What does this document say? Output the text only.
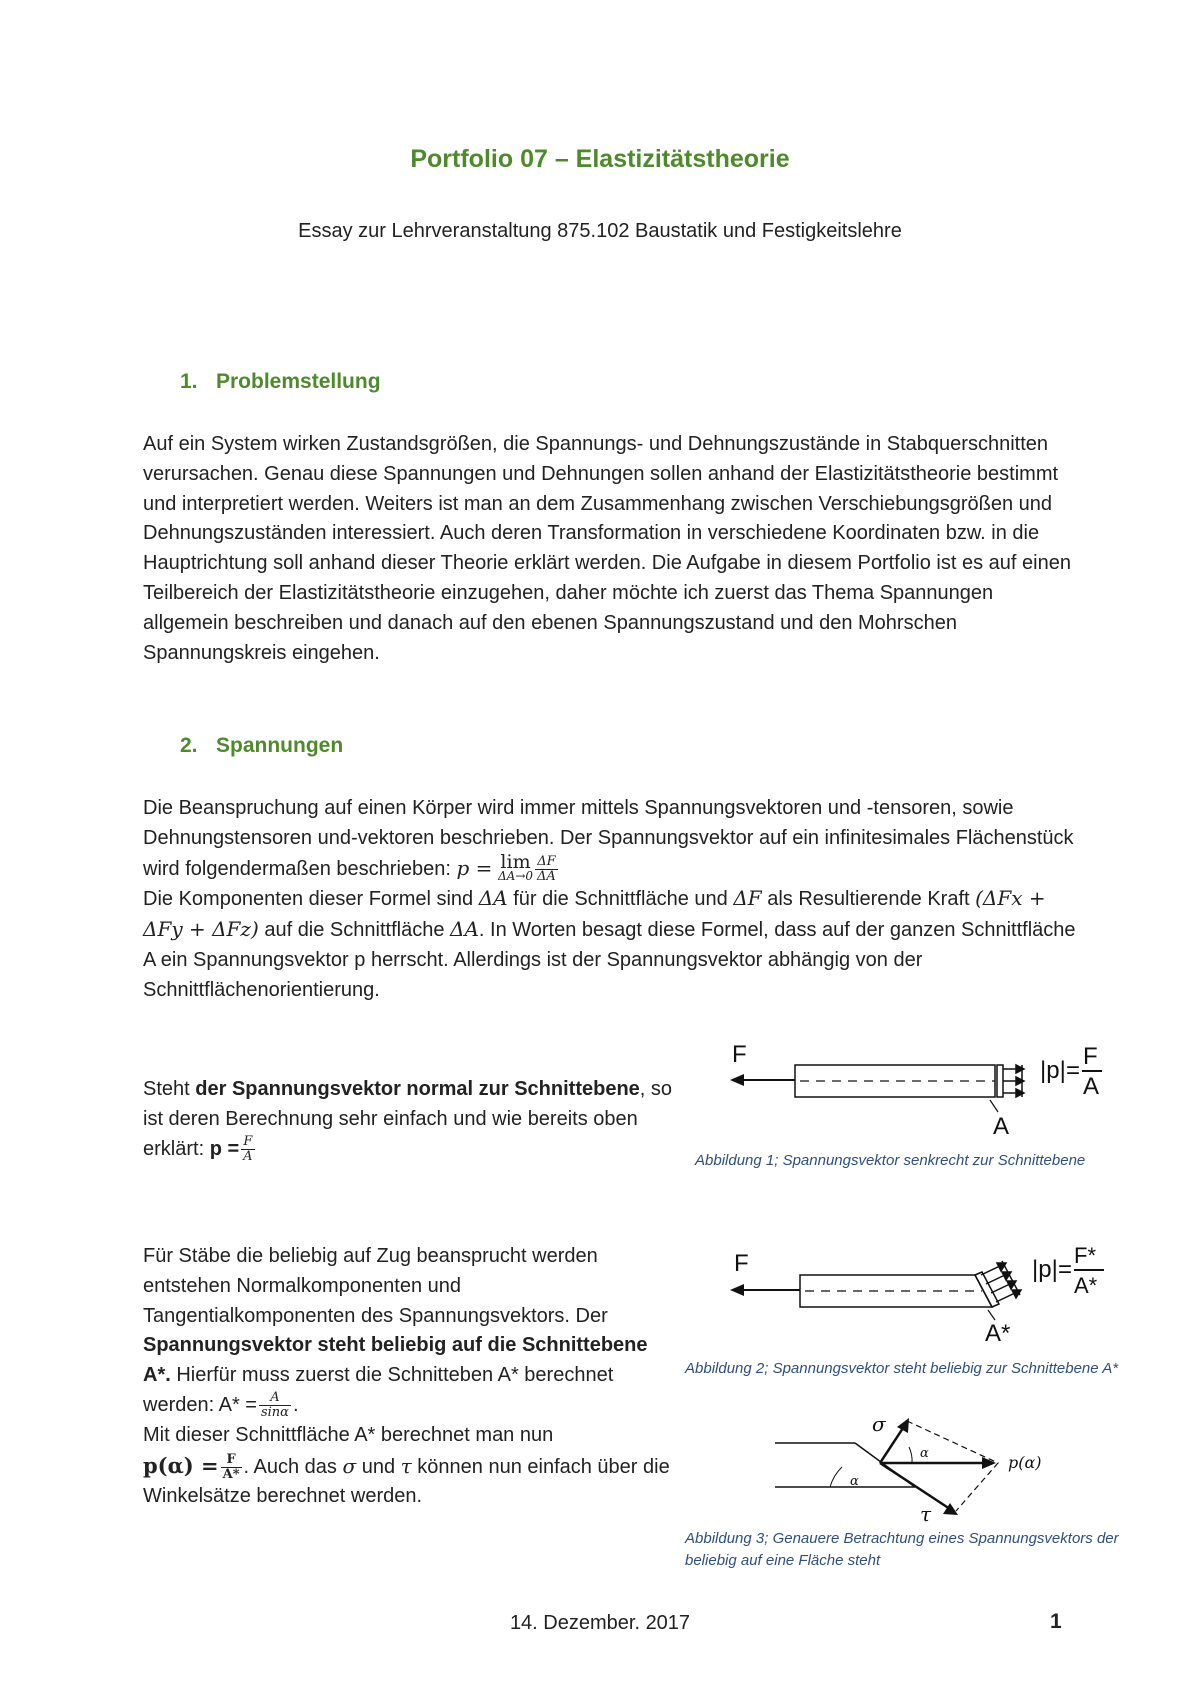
Portfolio 07 – Elastizitätstheorie
Essay zur Lehrveranstaltung 875.102 Baustatik und Festigkeitslehre
1. Problemstellung

Auf ein System wirken Zustandsgrößen, die Spannungs- und Dehnungszustände in Stabquerschnitten verursachen. Genau diese Spannungen und Dehnungen sollen anhand der Elastizitätstheorie bestimmt und interpretiert werden. Weiters ist man an dem Zusammenhang zwischen Verschiebungsgrößen und Dehnungszuständen interessiert. Auch deren Transformation in verschiedene Koordinaten bzw. in die Hauptrichtung soll anhand dieser Theorie erklärt werden. Die Aufgabe in diesem Portfolio ist es auf einen Teilbereich der Elastizitätstheorie einzugehen, daher möchte ich zuerst das Thema Spannungen allgemein beschreiben und danach auf den ebenen Spannungszustand und den Mohrschen Spannungskreis eingehen.

2. Spannungen

Die Beanspruchung auf einen Körper wird immer mittels Spannungsvektoren und -tensoren, sowie Dehnungstensoren und-vektoren beschrieben. Der Spannungsvektor auf ein infinitesimales Flächenstück wird folgendermaßen beschrieben: p = lim
$\Delta A\to 0 \frac{\Delta F}{\Delta A}$

Die Komponenten dieser Formel sind ΔA für die Schnittfläche und ΔF als Resultierende Kraft (ΔFx + ΔFy + ΔFz) auf die Schnittfläche ΔA. In Worten besagt diese Formel, dass auf der ganzen Schnittfläche A ein Spannungsvektor p herrscht. Allerdings ist der Spannungsvektor abhängig von der Schnittflächenorientierung.

Steht der Spannungsvektor normal zur Schnittebene, so ist deren Berechnung sehr einfach und wie bereits oben erklärt: $p = \frac{F}{A}$

F
A
|p| =
F
A
Abbildung 1; Spannungsvektor senkrecht zur Schnittebene

Für Stäbe die beliebig auf Zug beansprucht werden entstehen Normalkomponenten und Tangentialkomponenten des Spannungsvektors. Der Spannungsvektor steht beliebig auf die Schnittebene A*. Hierfür muss zuerst die Schnitteben A* berechnet werden: $A* = \frac{A}{\sin\alpha}$ .
Mit dieser Schnittfläche A* berechnet man nun
$p(\alpha) = \frac{F}{A*}$ . Auch das σ und τ können nun einfach über die Winkelsätze berechnet werden.

F
A*
|p| =
F*
A*
Abbildung 2; Spannungsvektor steht beliebig zur Schnittebene A*
α
α
σ
τ
p(α)
Abbildung 3; Genauere Betrachtung eines Spannungsvektors der
beliebig auf eine Fläche steht
14. Dezember. 2017	1
